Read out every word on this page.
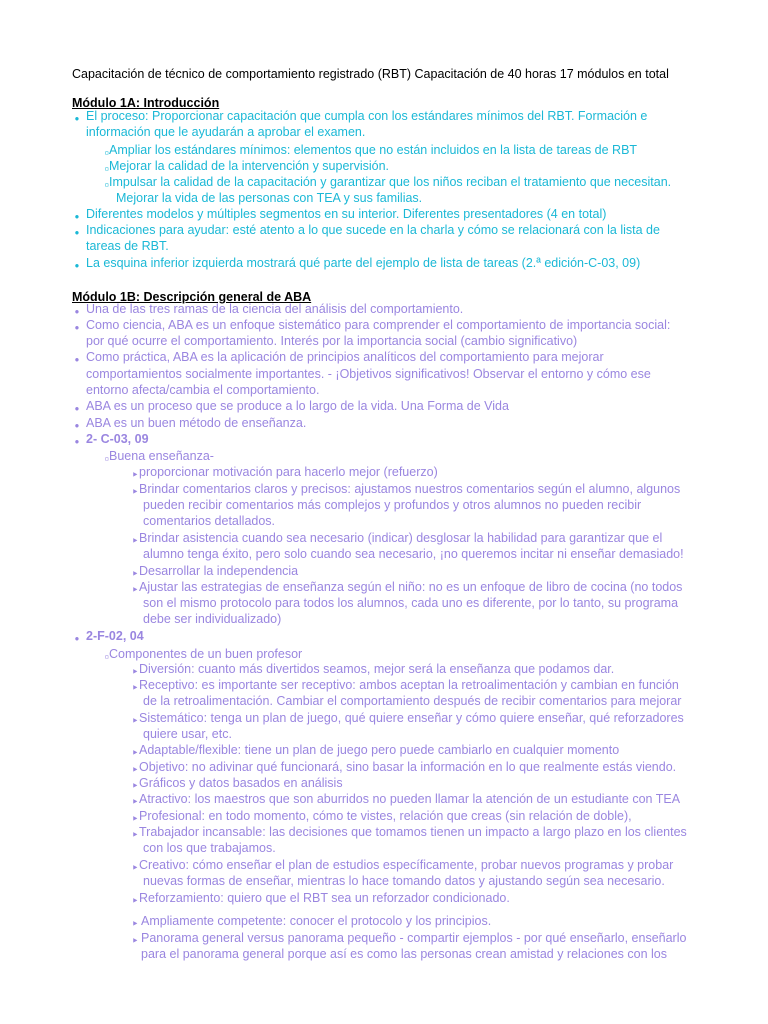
Capacitación de técnico de comportamiento registrado (RBT) Capacitación de 40 horas 17 módulos en total
Módulo 1A: Introducción
Módulo 1B: Descripción general de ABA
• El proceso: Proporcionar capacitación que cumpla con los estándares mínimos del RBT. Formación e
información que le ayudarán a aprobar el examen.
▫ Ampliar los estándares mínimos: elementos que no están incluidos en la lista de tareas de RBT
▫ Mejorar la calidad de la intervención y supervisión.
▫ Impulsar la calidad de la capacitación y garantizar que los niños reciban el tratamiento que necesitan.
Mejorar la vida de las personas con TEA y sus familias.
• Diferentes modelos y múltiples segmentos en su interior. Diferentes presentadores (4 en total)
• Indicaciones para ayudar: esté atento a lo que sucede en la charla y cómo se relacionará con la lista de
tareas de RBT.
• La esquina inferior izquierda mostrará qué parte del ejemplo de lista de tareas (2.ª edición-C-03, 09)
• Una de las tres ramas de la ciencia del análisis del comportamiento.
• Como ciencia, ABA es un enfoque sistemático para comprender el comportamiento de importancia social:
por qué ocurre el comportamiento. Interés por la importancia social (cambio significativo)
• Como práctica, ABA es la aplicación de principios analíticos del comportamiento para mejorar
comportamientos socialmente importantes. - ¡Objetivos significativos! Observar el entorno y cómo ese
entorno afecta/cambia el comportamiento.
• ABA es un proceso que se produce a lo largo de la vida. Una Forma de Vida
• ABA es un buen método de enseñanza.
• 2- C-03, 09
▫ Buena enseñanza-
‣ proporcionar motivación para hacerlo mejor (refuerzo)
‣ Brindar comentarios claros y precisos: ajustamos nuestros comentarios según el alumno, algunos
pueden recibir comentarios más complejos y profundos y otros alumnos no pueden recibir
comentarios detallados.
‣ Brindar asistencia cuando sea necesario (indicar) desglosar la habilidad para garantizar que el
alumno tenga éxito, pero solo cuando sea necesario, ¡no queremos incitar ni enseñar demasiado!
‣ Desarrollar la independencia
‣ Ajustar las estrategias de enseñanza según el niño: no es un enfoque de libro de cocina (no todos
son el mismo protocolo para todos los alumnos, cada uno es diferente, por lo tanto, su programa
debe ser individualizado)
• 2-F-02, 04
▫ Componentes de un buen profesor
‣ Diversión: cuanto más divertidos seamos, mejor será la enseñanza que podamos dar.
‣ Receptivo: es importante ser receptivo: ambos aceptan la retroalimentación y cambian en función
de la retroalimentación. Cambiar el comportamiento después de recibir comentarios para mejorar
‣ Sistemático: tenga un plan de juego, qué quiere enseñar y cómo quiere enseñar, qué reforzadores
quiere usar, etc.
‣ Adaptable/flexible: tiene un plan de juego pero puede cambiarlo en cualquier momento
‣ Objetivo: no adivinar qué funcionará, sino basar la información en lo que realmente estás viendo.
‣ Gráficos y datos basados en análisis
‣ Atractivo: los maestros que son aburridos no pueden llamar la atención de un estudiante con TEA
‣ Profesional: en todo momento, cómo te vistes, relación que creas (sin relación de doble),
‣ Trabajador incansable: las decisiones que tomamos tienen un impacto a largo plazo en los clientes
con los que trabajamos.
‣ Creativo: cómo enseñar el plan de estudios específicamente, probar nuevos programas y probar
nuevas formas de enseñar, mientras lo hace tomando datos y ajustando según sea necesario.
‣ Reforzamiento: quiero que el RBT sea un reforzador condicionado.
‣ Ampliamente competente: conocer el protocolo y los principios.
‣ Panorama general versus panorama pequeño - compartir ejemplos - por qué enseñarlo, enseñarlo
para el panorama general porque así es como las personas crean amistad y relaciones con los
